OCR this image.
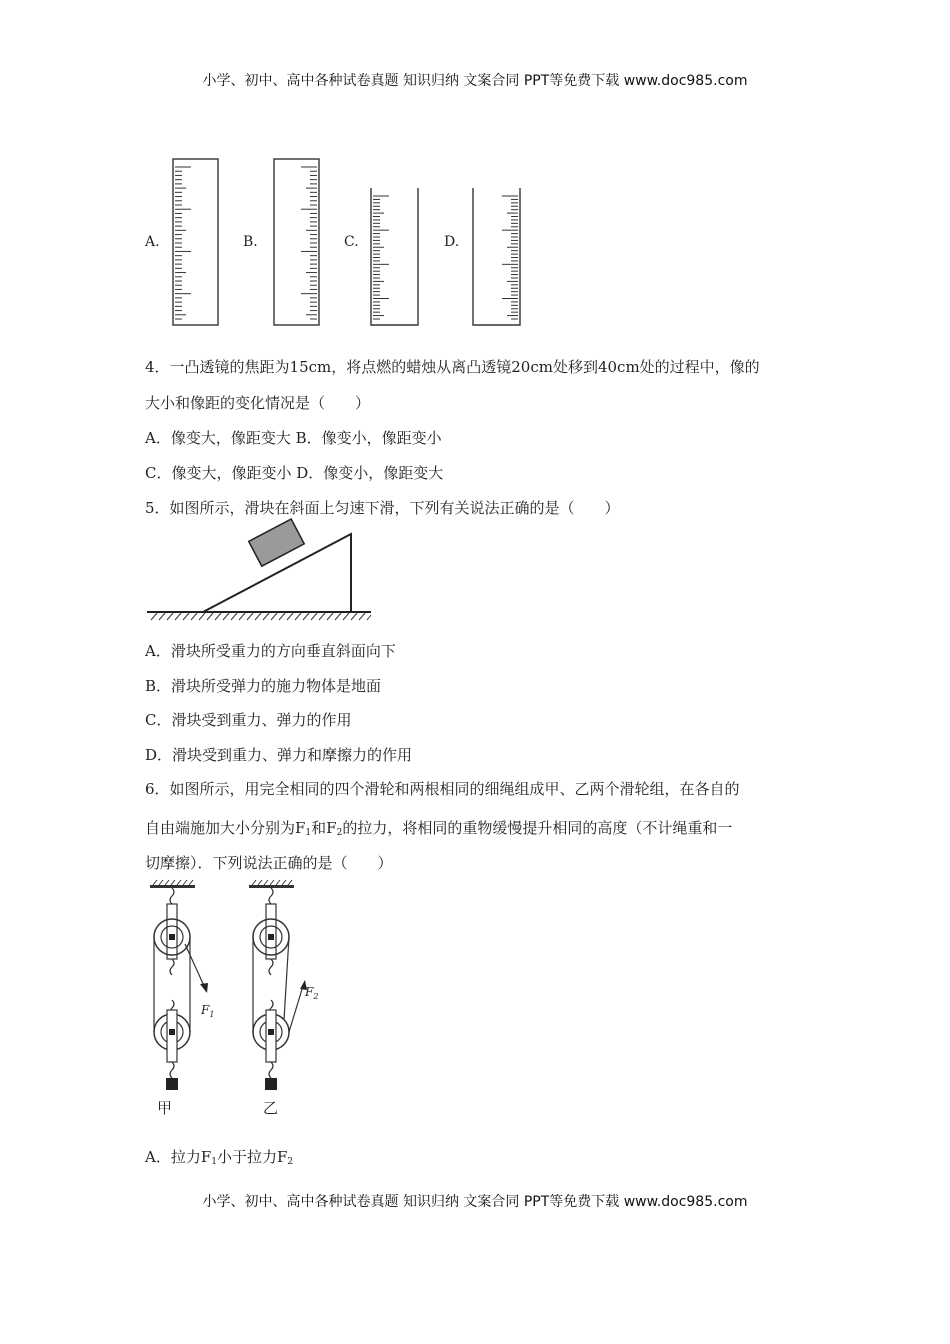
小学、初中、高中各种试卷真题 知识归纳 文案合同 PPT等免费下载 www.doc985.com
A.	B.	C.	D.
4．一凸透镜的焦距为15cm，将点燃的蜡烛从离凸透镜20cm处移到40cm处的过程中，像的
大小和像距的变化情况是（　　）
A．像变大，像距变大 B．像变小，像距变小
C．像变大，像距变小 D．像变小，像距变大
5．如图所示，滑块在斜面上匀速下滑，下列有关说法正确的是（　　）
A．滑块所受重力的方向垂直斜面向下
B．滑块所受弹力的施力物体是地面
C．滑块受到重力、弹力的作用
D．滑块受到重力、弹力和摩擦力的作用
6．如图所示，用完全相同的四个滑轮和两根相同的细绳组成甲、乙两个滑轮组，在各自的
自由端施加大小分别为$F_1$和$F_2$的拉力，将相同的重物缓慢提升相同的高度（不计绳重和一
切摩擦）．下列说法正确的是（　　）
甲
$F_1$
乙
$F_2$
A．拉力$F_1$小于拉力$F_2$
小学、初中、高中各种试卷真题 知识归纳 文案合同 PPT等免费下载 www.doc985.com
